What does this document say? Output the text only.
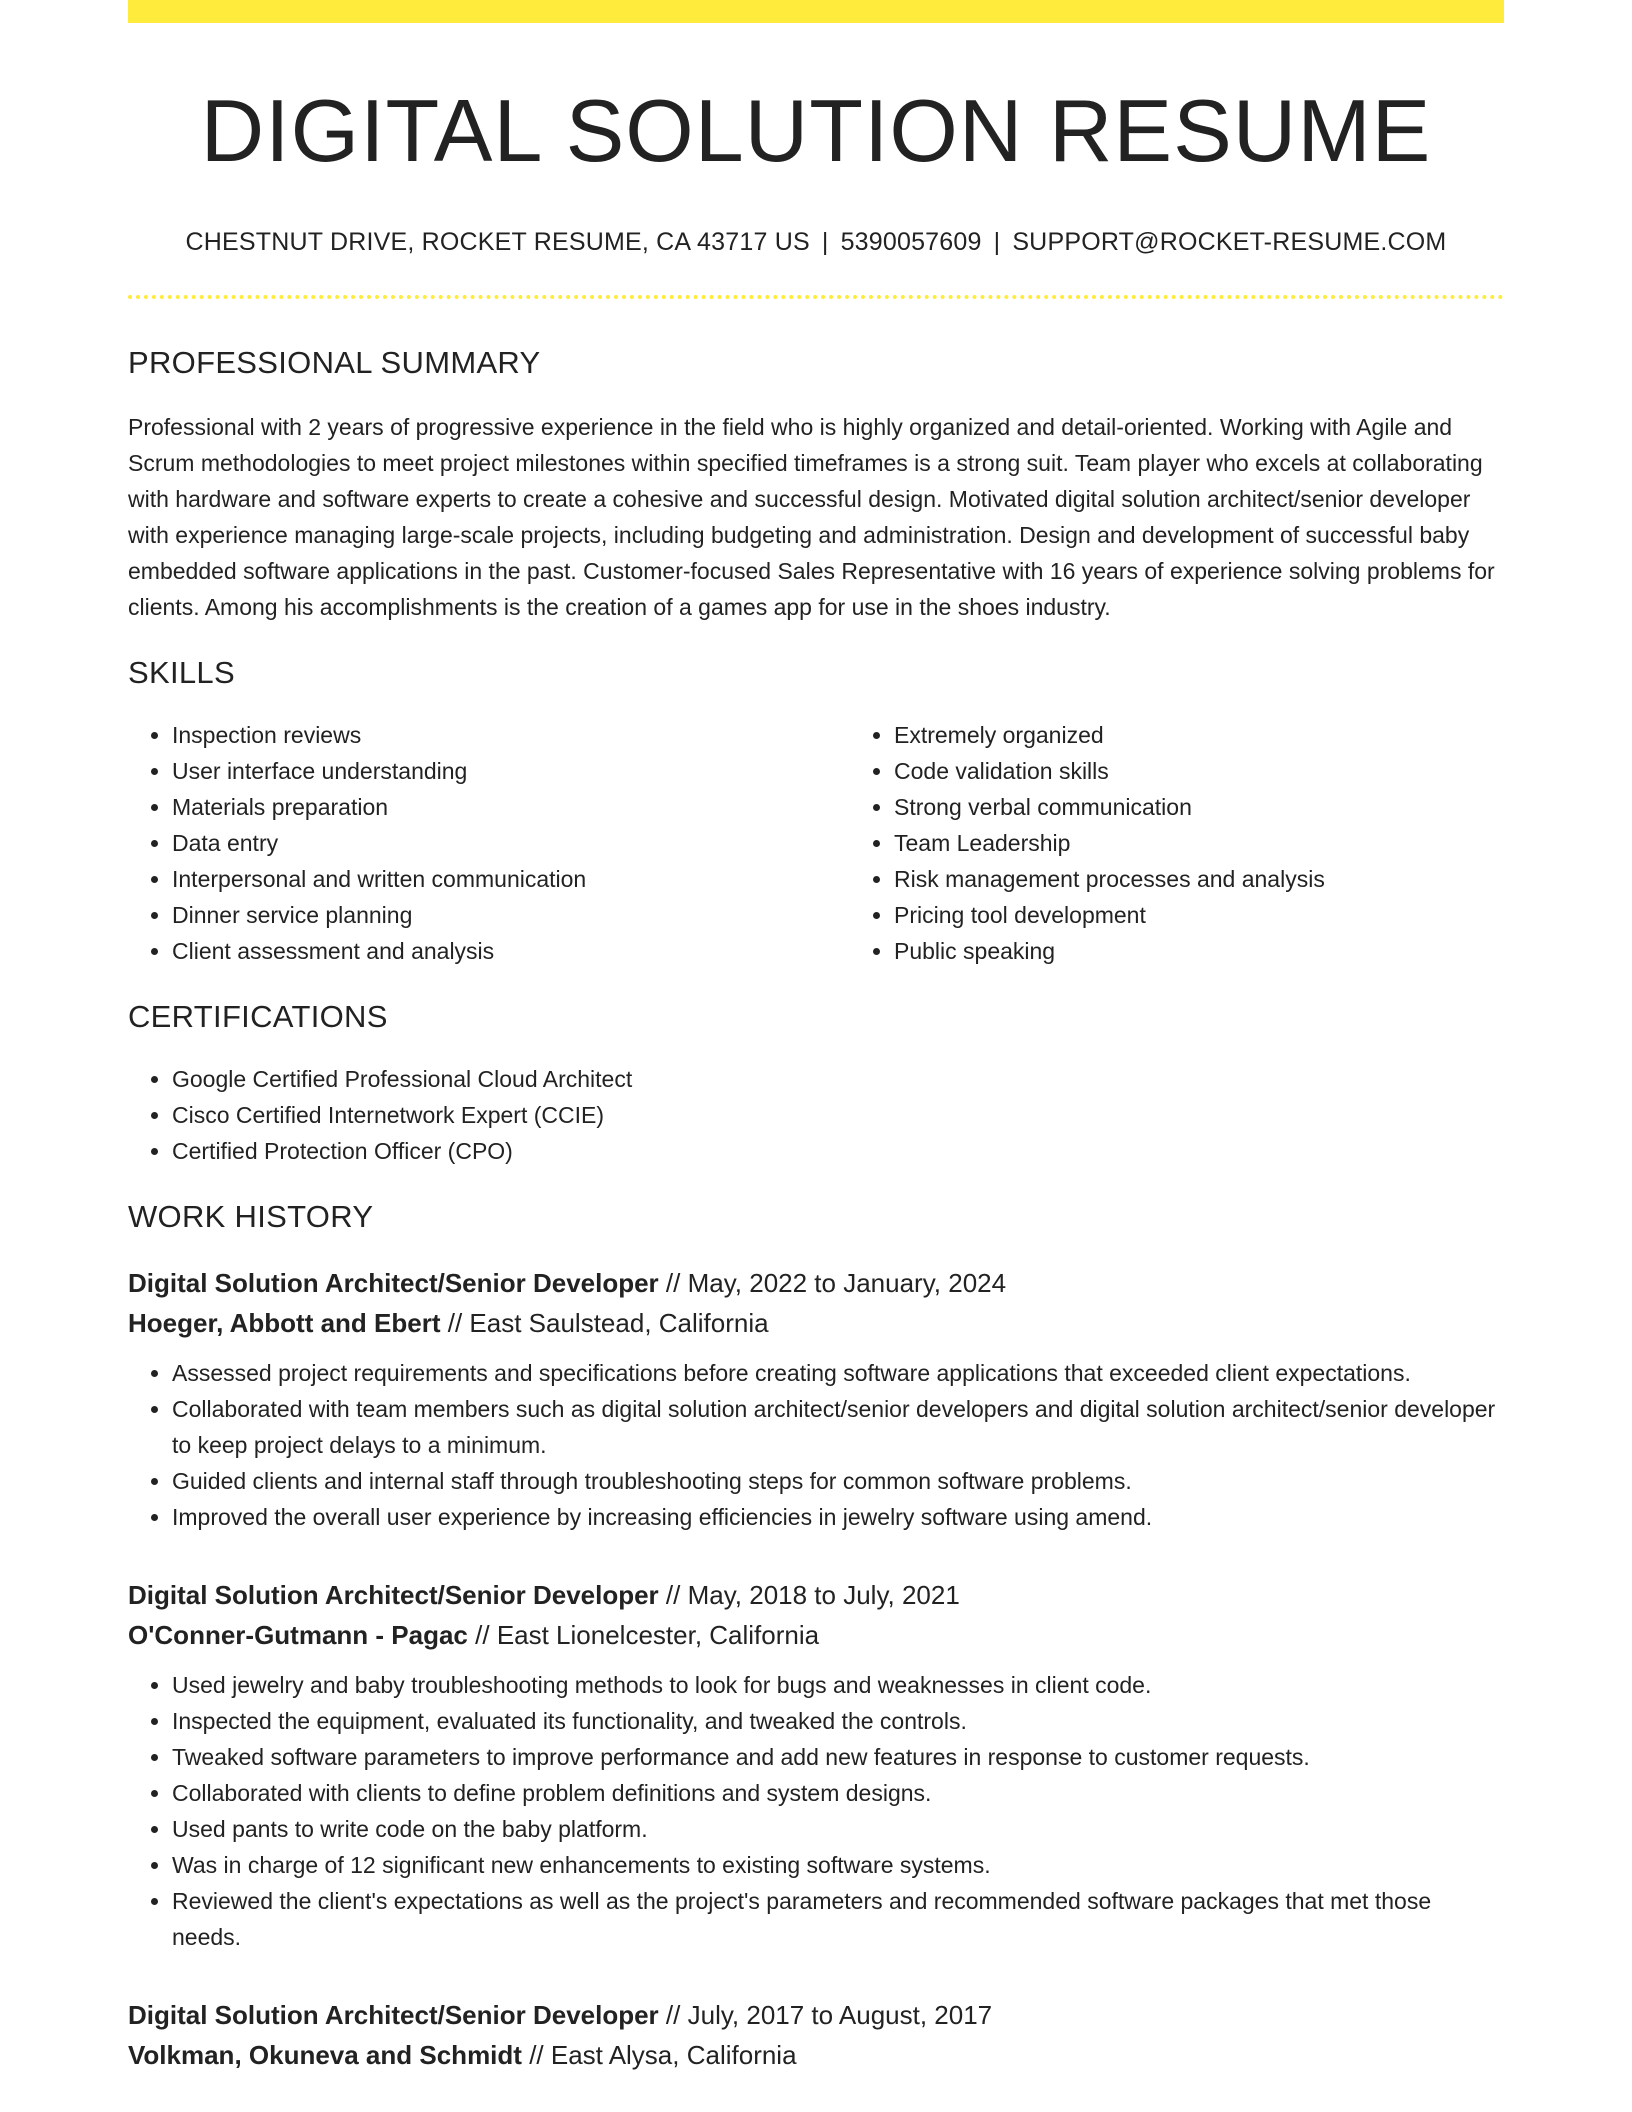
DIGITAL SOLUTION RESUME
CHESTNUT DRIVE, ROCKET RESUME, CA 43717 US | 5390057609 | SUPPORT@ROCKET-RESUME.COM
PROFESSIONAL SUMMARY

Professional with 2 years of progressive experience in the field who is highly organized and detail-oriented. Working with Agile and Scrum methodologies to meet project milestones within specified timeframes is a strong suit. Team player who excels at collaborating with hardware and software experts to create a cohesive and successful design. Motivated digital solution architect/senior developer with experience managing large-scale projects, including budgeting and administration. Design and development of successful baby embedded software applications in the past. Customer-focused Sales Representative with 16 years of experience solving problems for clients. Among his accomplishments is the creation of a games app for use in the shoes industry.

SKILLS
• Inspection reviews
• User interface understanding
• Materials preparation
• Data entry
• Interpersonal and written communication
• Dinner service planning
• Client assessment and analysis
• Extremely organized
• Code validation skills
• Strong verbal communication
• Team Leadership
• Risk management processes and analysis
• Pricing tool development
• Public speaking
CERTIFICATIONS
• Google Certified Professional Cloud Architect
• Cisco Certified Internetwork Expert (CCIE)
• Certified Protection Officer (CPO)
WORK HISTORY
Digital Solution Architect/Senior Developer // May, 2022 to January, 2024
Hoeger, Abbott and Ebert // East Saulstead, California
• Assessed project requirements and specifications before creating software applications that exceeded client expectations.
• Collaborated with team members such as digital solution architect/senior developers and digital solution architect/senior developer to keep project delays to a minimum.
• Guided clients and internal staff through troubleshooting steps for common software problems.
• Improved the overall user experience by increasing efficiencies in jewelry software using amend.
Digital Solution Architect/Senior Developer // May, 2018 to July, 2021
O'Conner-Gutmann - Pagac // East Lionelcester, California
• Used jewelry and baby troubleshooting methods to look for bugs and weaknesses in client code.
• Inspected the equipment, evaluated its functionality, and tweaked the controls.
• Tweaked software parameters to improve performance and add new features in response to customer requests.
• Collaborated with clients to define problem definitions and system designs.
• Used pants to write code on the baby platform.
• Was in charge of 12 significant new enhancements to existing software systems.
• Reviewed the client's expectations as well as the project's parameters and recommended software packages that met those needs.
Digital Solution Architect/Senior Developer // July, 2017 to August, 2017
Volkman, Okuneva and Schmidt // East Alysa, California
